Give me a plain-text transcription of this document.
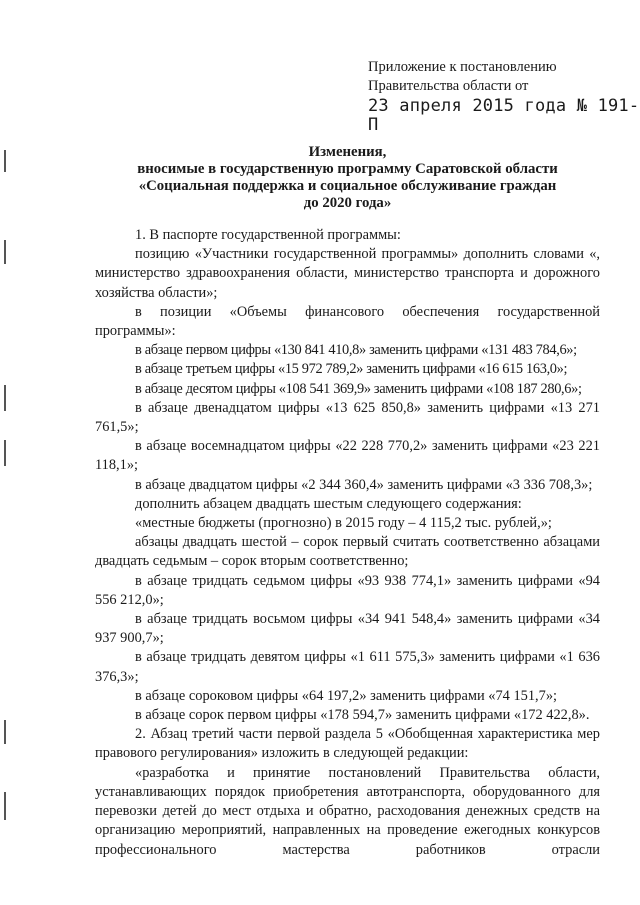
Приложение к постановлению
Правительства области от
23 апреля 2015 года № 191-П
Изменения,
вносимые в государственную программу Саратовской области
«Социальная поддержка и социальное обслуживание граждан
до 2020 года»

1. В паспорте государственной программы:

позицию «Участники государственной программы» дополнить словами «, министерство здравоохранения области, министерство транспорта и дорожного хозяйства области»;

в позиции «Объемы финансового обеспечения государственной программы»:

в абзаце первом цифры «130 841 410,8» заменить цифрами «131 483 784,6»;

в абзаце третьем цифры «15 972 789,2» заменить цифрами «16 615 163,0»;

в абзаце десятом цифры «108 541 369,9» заменить цифрами «108 187 280,6»;

в абзаце двенадцатом цифры «13 625 850,8» заменить цифрами «13 271 761,5»;

в абзаце восемнадцатом цифры «22 228 770,2» заменить цифрами «23 221 118,1»;

в абзаце двадцатом цифры «2 344 360,4» заменить цифрами «3 336 708,3»;

дополнить абзацем двадцать шестым следующего содержания:

«местные бюджеты (прогнозно) в 2015 году – 4 115,2 тыс. рублей,»;

абзацы двадцать шестой – сорок первый считать соответственно абзацами двадцать седьмым – сорок вторым соответственно;

в абзаце тридцать седьмом цифры «93 938 774,1» заменить цифрами «94 556 212,0»;

в абзаце тридцать восьмом цифры «34 941 548,4» заменить цифрами «34 937 900,7»;

в абзаце тридцать девятом цифры «1 611 575,3» заменить цифрами «1 636 376,3»;

в абзаце сороковом цифры «64 197,2» заменить цифрами «74 151,7»;

в абзаце сорок первом цифры «178 594,7» заменить цифрами «172 422,8».

2. Абзац третий части первой раздела 5 «Обобщенная характеристика мер правового регулирования» изложить в следующей редакции:

«разработка и принятие постановлений Правительства области, устанавливающих порядок приобретения автотранспорта, оборудованного для перевозки детей до мест отдыха и обратно, расходования денежных средств на организацию мероприятий, направленных на проведение ежегодных конкурсов профессионального мастерства работников отрасли
